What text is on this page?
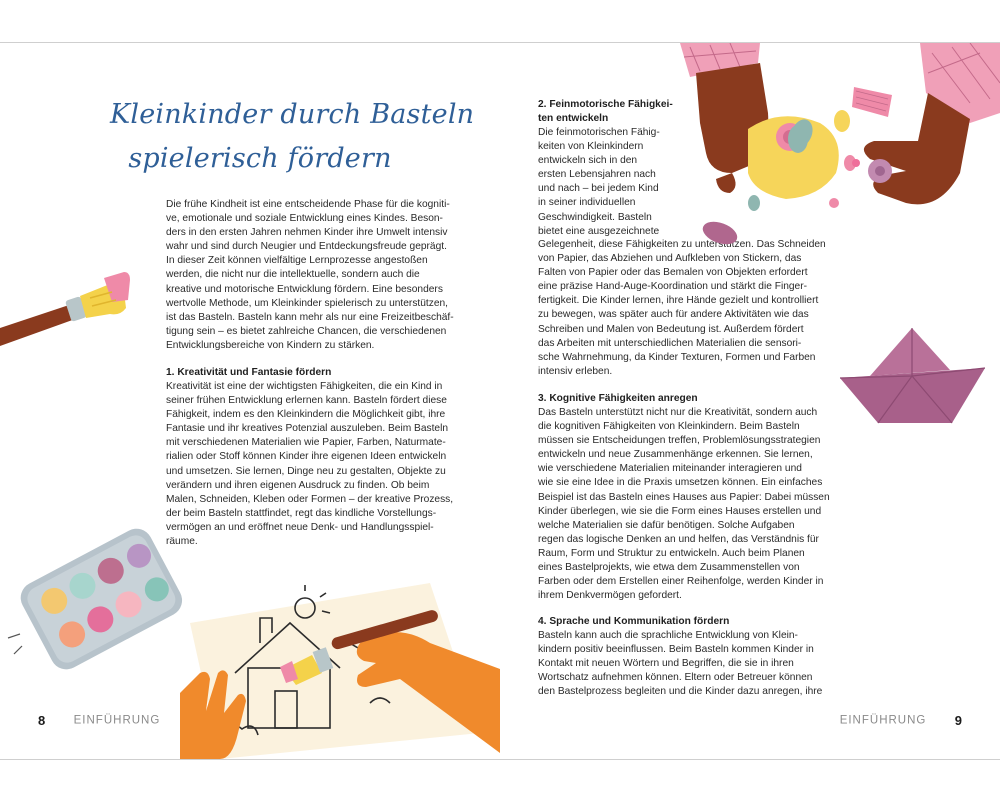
Kleinkinder durch Basteln
spielerisch fördern
Die frühe Kindheit ist eine entscheidende Phase für die kogniti-
ve, emotionale und soziale Entwicklung eines Kindes. Beson-
ders in den ersten Jahren nehmen Kinder ihre Umwelt intensiv
wahr und sind durch Neugier und Entdeckungsfreude geprägt.
In dieser Zeit können vielfältige Lernprozesse angestoßen
werden, die nicht nur die intellektuelle, sondern auch die
kreative und motorische Entwicklung fördern. Eine besonders
wertvolle Methode, um Kleinkinder spielerisch zu unterstützen,
ist das Basteln. Basteln kann mehr als nur eine Freizeitbeschäf-
tigung sein – es bietet zahlreiche Chancen, die verschiedenen
Entwicklungsbereiche von Kindern zu stärken.
1. Kreativität und Fantasie fördern
Kreativität ist eine der wichtigsten Fähigkeiten, die ein Kind in
seiner frühen Entwicklung erlernen kann. Basteln fördert diese
Fähigkeit, indem es den Kleinkindern die Möglichkeit gibt, ihre
Fantasie und ihr kreatives Potenzial auszuleben. Beim Basteln
mit verschiedenen Materialien wie Papier, Farben, Naturmate-
rialien oder Stoff können Kinder ihre eigenen Ideen entwickeln
und umsetzen. Sie lernen, Dinge neu zu gestalten, Objekte zu
verändern und ihren eigenen Ausdruck zu finden. Ob beim
Malen, Schneiden, Kleben oder Formen – der kreative Prozess,
der beim Basteln stattfindet, regt das kindliche Vorstellungs-
vermögen an und eröffnet neue Denk- und Handlungsspiel-
räume.
8 EINFÜHRUNG
2. Feinmotorische Fähigkei-
ten entwickeln
Die feinmotorischen Fähig-
keiten von Kleinkindern
entwickeln sich in den
ersten Lebensjahren nach
und nach – bei jedem Kind
in seiner individuellen
Geschwindigkeit. Basteln
bietet eine ausgezeichnete
Gelegenheit, diese Fähigkeiten zu unterstützen. Das Schneiden
von Papier, das Abziehen und Aufkleben von Stickern, das
Falten von Papier oder das Bemalen von Objekten erfordert
eine präzise Hand-Auge-Koordination und stärkt die Finger-
fertigkeit. Die Kinder lernen, ihre Hände gezielt und kontrolliert
zu bewegen, was später auch für andere Aktivitäten wie das
Schreiben und Malen von Bedeutung ist. Außerdem fördert
das Arbeiten mit unterschiedlichen Materialien die sensori-
sche Wahrnehmung, da Kinder Texturen, Formen und Farben
intensiv erleben.
3. Kognitive Fähigkeiten anregen
Das Basteln unterstützt nicht nur die Kreativität, sondern auch
die kognitiven Fähigkeiten von Kleinkindern. Beim Basteln
müssen sie Entscheidungen treffen, Problemlösungsstrategien
entwickeln und neue Zusammenhänge erkennen. Sie lernen,
wie verschiedene Materialien miteinander interagieren und
wie sie eine Idee in die Praxis umsetzen können. Ein einfaches
Beispiel ist das Basteln eines Hauses aus Papier: Dabei müssen
Kinder überlegen, wie sie die Form eines Hauses erstellen und
welche Materialien sie dafür benötigen. Solche Aufgaben
regen das logische Denken an und helfen, das Verständnis für
Raum, Form und Struktur zu entwickeln. Auch beim Planen
eines Bastelprojekts, wie etwa dem Zusammenstellen von
Farben oder dem Erstellen einer Reihenfolge, werden Kinder in
ihrem Denkvermögen gefordert.
4. Sprache und Kommunikation fördern
Basteln kann auch die sprachliche Entwicklung von Klein-
kindern positiv beeinflussen. Beim Basteln kommen Kinder in
Kontakt mit neuen Wörtern und Begriffen, die sie in ihren
Wortschatz aufnehmen können. Eltern oder Betreuer können
den Bastelprozess begleiten und die Kinder dazu anregen, ihre
EINFÜHRUNG 9
